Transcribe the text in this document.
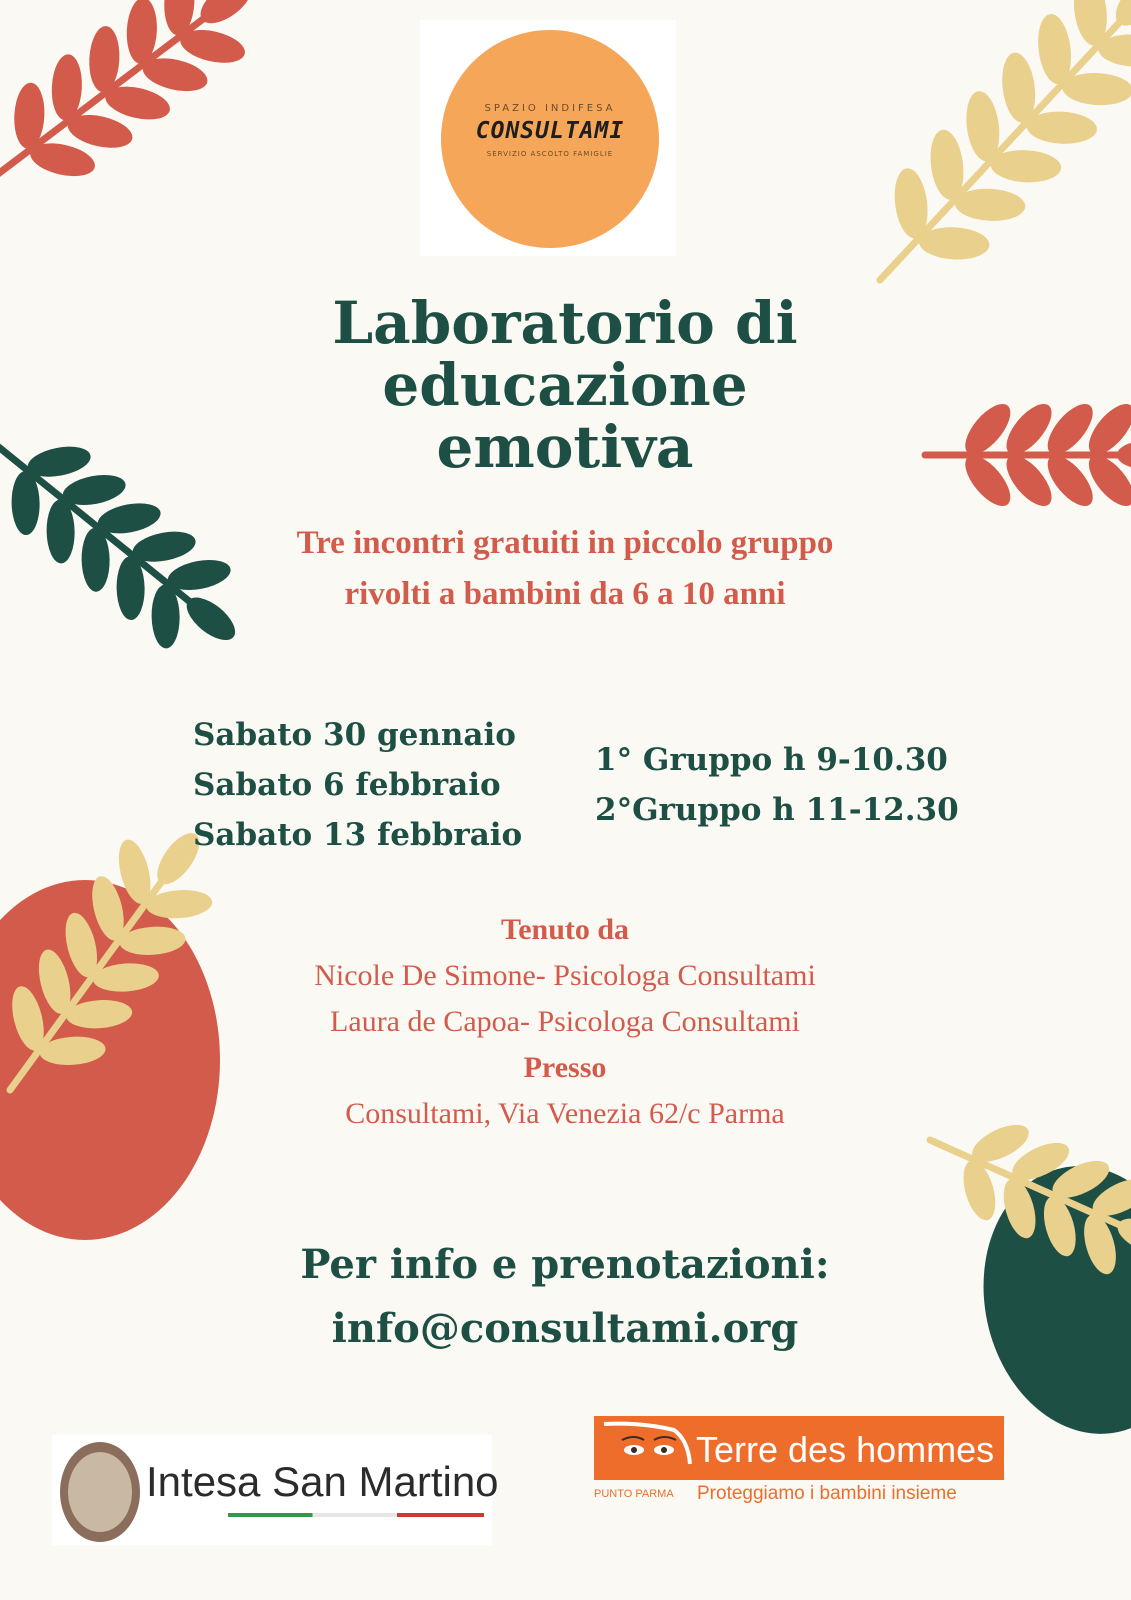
SPAZIO INDIFESA
CONSULTAMI
SERVIZIO ASCOLTO FAMIGLIE
Laboratorio di
educazione
emotiva
Tre incontri gratuiti in piccolo gruppo
rivolti a bambini da 6 a 10 anni
Sabato 30 gennaio
Sabato 6 febbraio
Sabato 13 febbraio
1° Gruppo h 9-10.30
2°Gruppo h 11-12.30
Tenuto da
Nicole De Simone- Psicologa Consultami
Laura de Capoa- Psicologa Consultami
Presso
Consultami, Via Venezia 62/c Parma
Per info e prenotazioni:
info@consultami.org
Intesa San Martino
Terre des hommes
PUNTO PARMA Proteggiamo i bambini insieme
